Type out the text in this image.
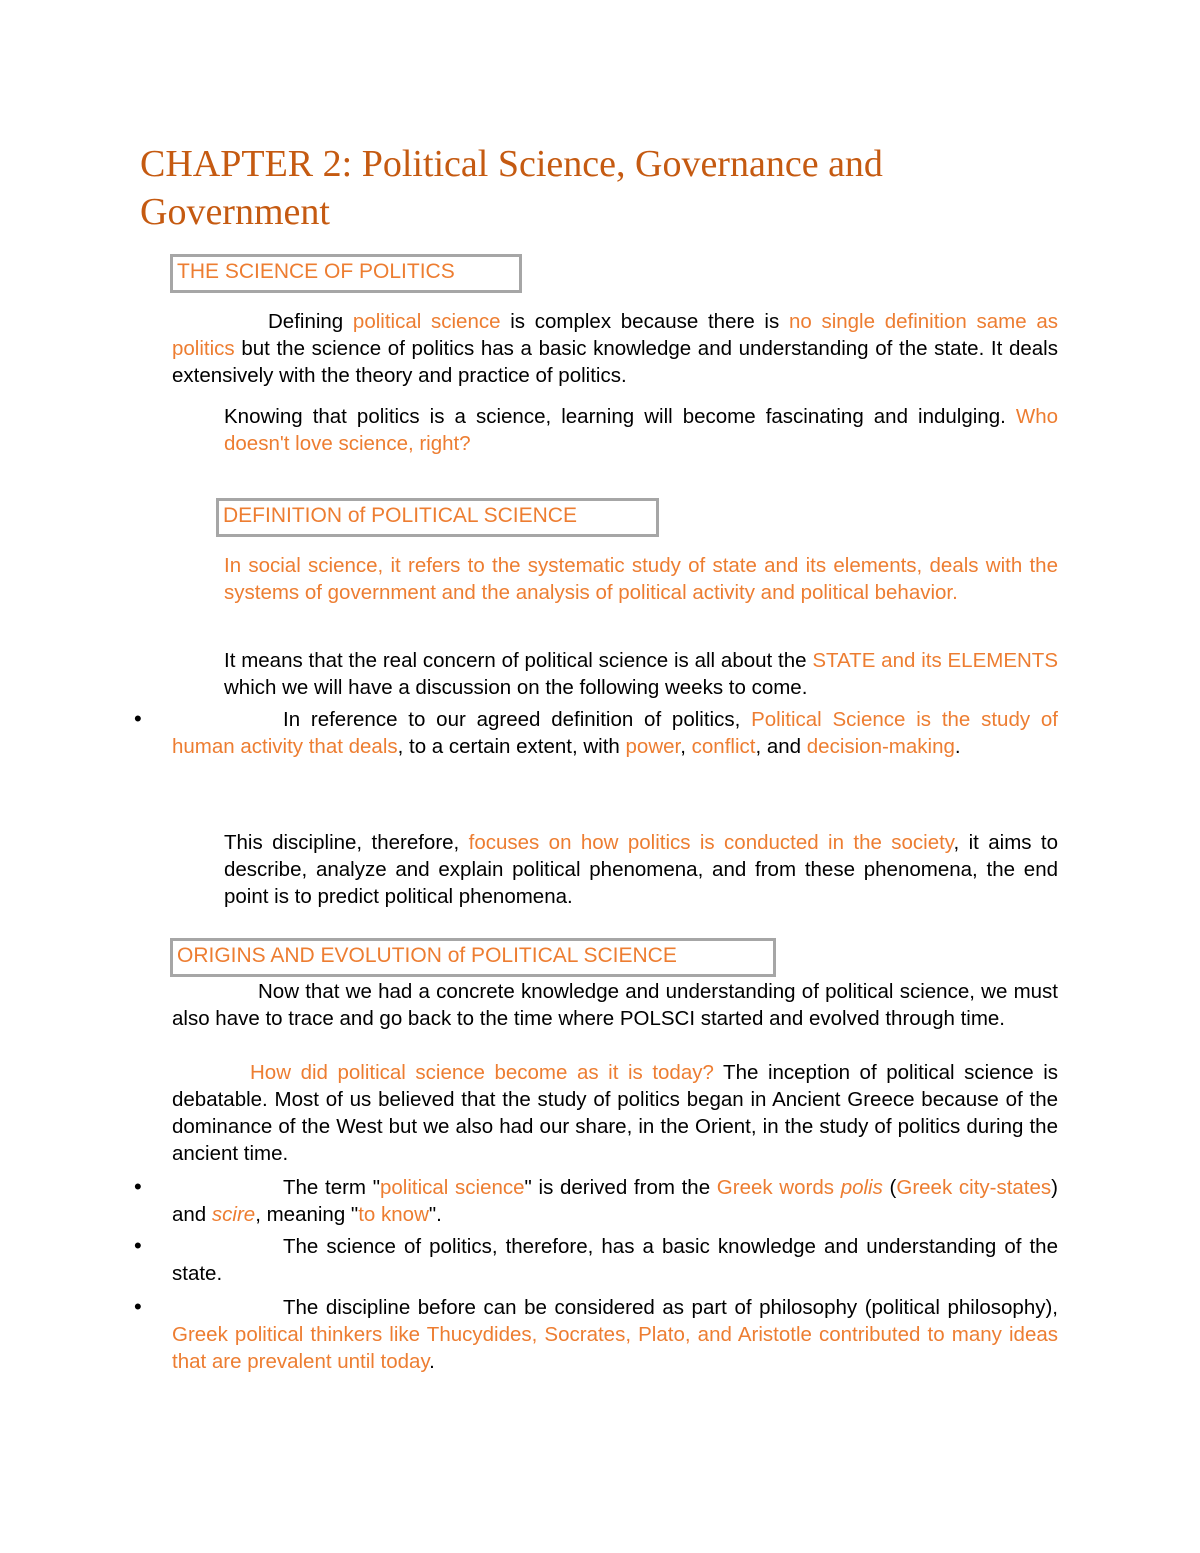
CHAPTER 2: Political Science, Governance and Government
THE SCIENCE OF POLITICS

Defining political science is complex because there is no single definition same as politics but the science of politics has a basic knowledge and understanding of the state. It deals extensively with the theory and practice of politics.

Knowing that politics is a science, learning will become fascinating and indulging. Who doesn't love science, right?

DEFINITION of POLITICAL SCIENCE

In social science, it refers to the systematic study of state and its elements, deals with the systems of government and the analysis of political activity and political behavior.

It means that the real concern of political science is all about the STATE and its ELEMENTS which we will have a discussion on the following weeks to come.

•	In reference to our agreed definition of politics, Political Science is the study of human activity that deals, to a certain extent, with power, conflict, and decision-making.

This discipline, therefore, focuses on how politics is conducted in the society, it aims to describe, analyze and explain political phenomena, and from these phenomena, the end point is to predict political phenomena.

ORIGINS AND EVOLUTION of POLITICAL SCIENCE

Now that we had a concrete knowledge and understanding of political science, we must also have to trace and go back to the time where POLSCI started and evolved through time.

How did political science become as it is today? The inception of political science is debatable. Most of us believed that the study of politics began in Ancient Greece because of the dominance of the West but we also had our share, in the Orient, in the study of politics during the ancient time.

•	The term "political science" is derived from the Greek words polis (Greek city-states) and scire, meaning "to know".

•	The science of politics, therefore, has a basic knowledge and understanding of the state.

•	The discipline before can be considered as part of philosophy (political philosophy), Greek political thinkers like Thucydides, Socrates, Plato, and Aristotle contributed to many ideas that are prevalent until today.
